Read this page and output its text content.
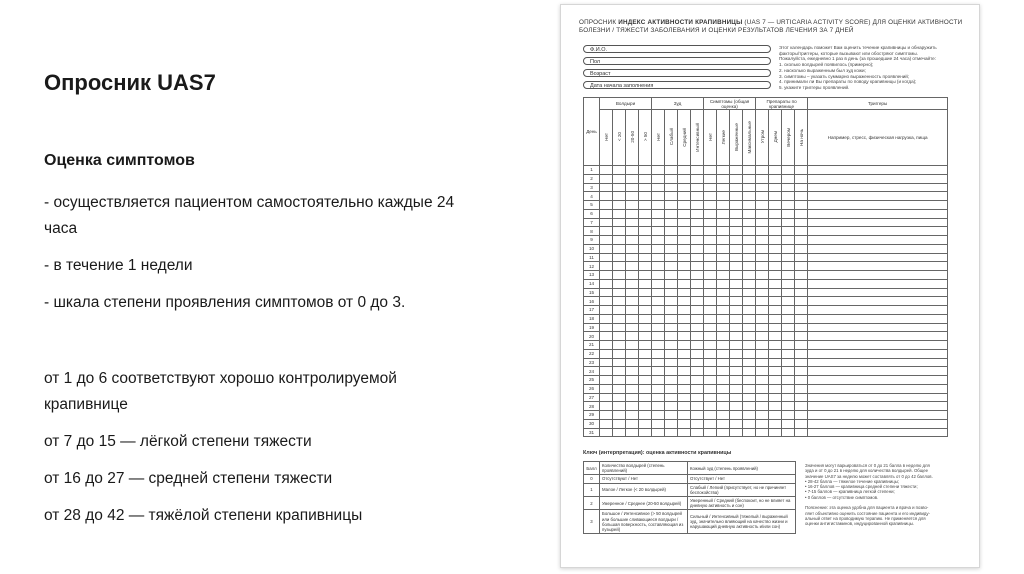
Опросник UAS7
Оценка симптомов

- осуществляется пациентом самостоятельно каждые 24

часа

- в течение 1 недели

- шкала степени проявления симптомов от 0 до 3.

от 1 до 6 соответствуют хорошо контролируемой

крапивнице

от 7 до 15 — лёгкой степени тяжести

от 16 до 27 — средней степени тяжести

от 28 до 42 — тяжёлой степени крапивницы

ОПРОСНИК ИНДЕКС АКТИВНОСТИ КРАПИВНИЦЫ (UAS 7 — URTICARIA ACTIVITY SCORE) ДЛЯ ОЦЕНКИ АКТИВНОСТИ БОЛЕЗНИ / ТЯЖЕСТИ ЗАБОЛЕВАНИЯ И ОЦЕНКИ РЕЗУЛЬТАТОВ ЛЕЧЕНИЯ ЗА 7 ДНЕЙ
Ф.И.О.
Пол
Возраст
Дата начала заполнения
Этот календарь поможет Вам оценить течение крапивницы и обнаружить
факторы/триггеры, которые вызывают или обостряют симптомы.
Пожалуйста, ежедневно 1 раз в день (за прошедшие 24 часа) отмечайте:
1. сколько волдырей появилось (примерно);
2. насколько выраженным был зуд кожи;
3. симптомы – указать суммарно выраженность проявлений;
4. принимали ли Вы препараты по поводу крапивницы (и когда);
5. укажите триггеры проявлений.
День	Волдыри				Зуд				Симптомы (общая оценка)				Препараты по крапивнице				Триггеры
	Нет	< 20	20-50	> 50	Нет	Слабый	Средний	Интенсивный	Нет	Легкие	Выраженные	Максимальные	Утром	Днем	Вечером	На ночь	Например, стресс, физическая нагрузка, пища
1																	
2																	
3																	
4																	
5																	
6																	
7																	
8																	
9																	
10																	
11																	
12																	
13																	
14																	
15																	
16																	
17																	
18																	
19																	
20																	
21																	
22																	
23																	
24																	
25																	
26																	
27																	
28																	
29																	
30																	
31																	
Ключ (интерпретация): оценка активности крапивницы
Балл	Количество волдырей (степень проявлений)	Кожный зуд (степень проявлений)
0	Отсутствуют / Нет	Отсутствует / Нет
1	Малое / Легкое (< 20 волдырей)	Слабый / Легкий (присутствует, но не причиняет беспокойства)
2	Умеренное / Среднее (20-50 волдырей)	Умеренный / Средний (беспокоит, но не влияет на дневную активность и сон)
3	Большое / Интенсивное (> 50 волдырей или большие сливающиеся волдыри / большая поверхность, составляющая из пузырей)	Сильный / Интенсивный (тяжелый / выраженный зуд, значительно влияющий на качество жизни и нарушающий дневную активность и/или сон)
Значения могут варьироваться от 0 до 21 балла в неделю для
зуда и от 0 до 21 в неделю для количества волдырей. Общее
значение UAS7 за неделю может составлять от 0 до 42 баллов.
• 28-42 балла — тяжелое течение крапивницы;
• 16-27 баллов — крапивница средней степени тяжести;
• 7-15 баллов — крапивница легкой степени;
• 0 баллов — отсутствие симптомов.

Пояснение: эта оценка удобна для пациента и врача и позво-
ляет объективно оценить состояние пациента и его индивиду-
альный ответ на проводимую терапию. Не применяется для
оценки антигистаминов, индуцированной крапивницы.
